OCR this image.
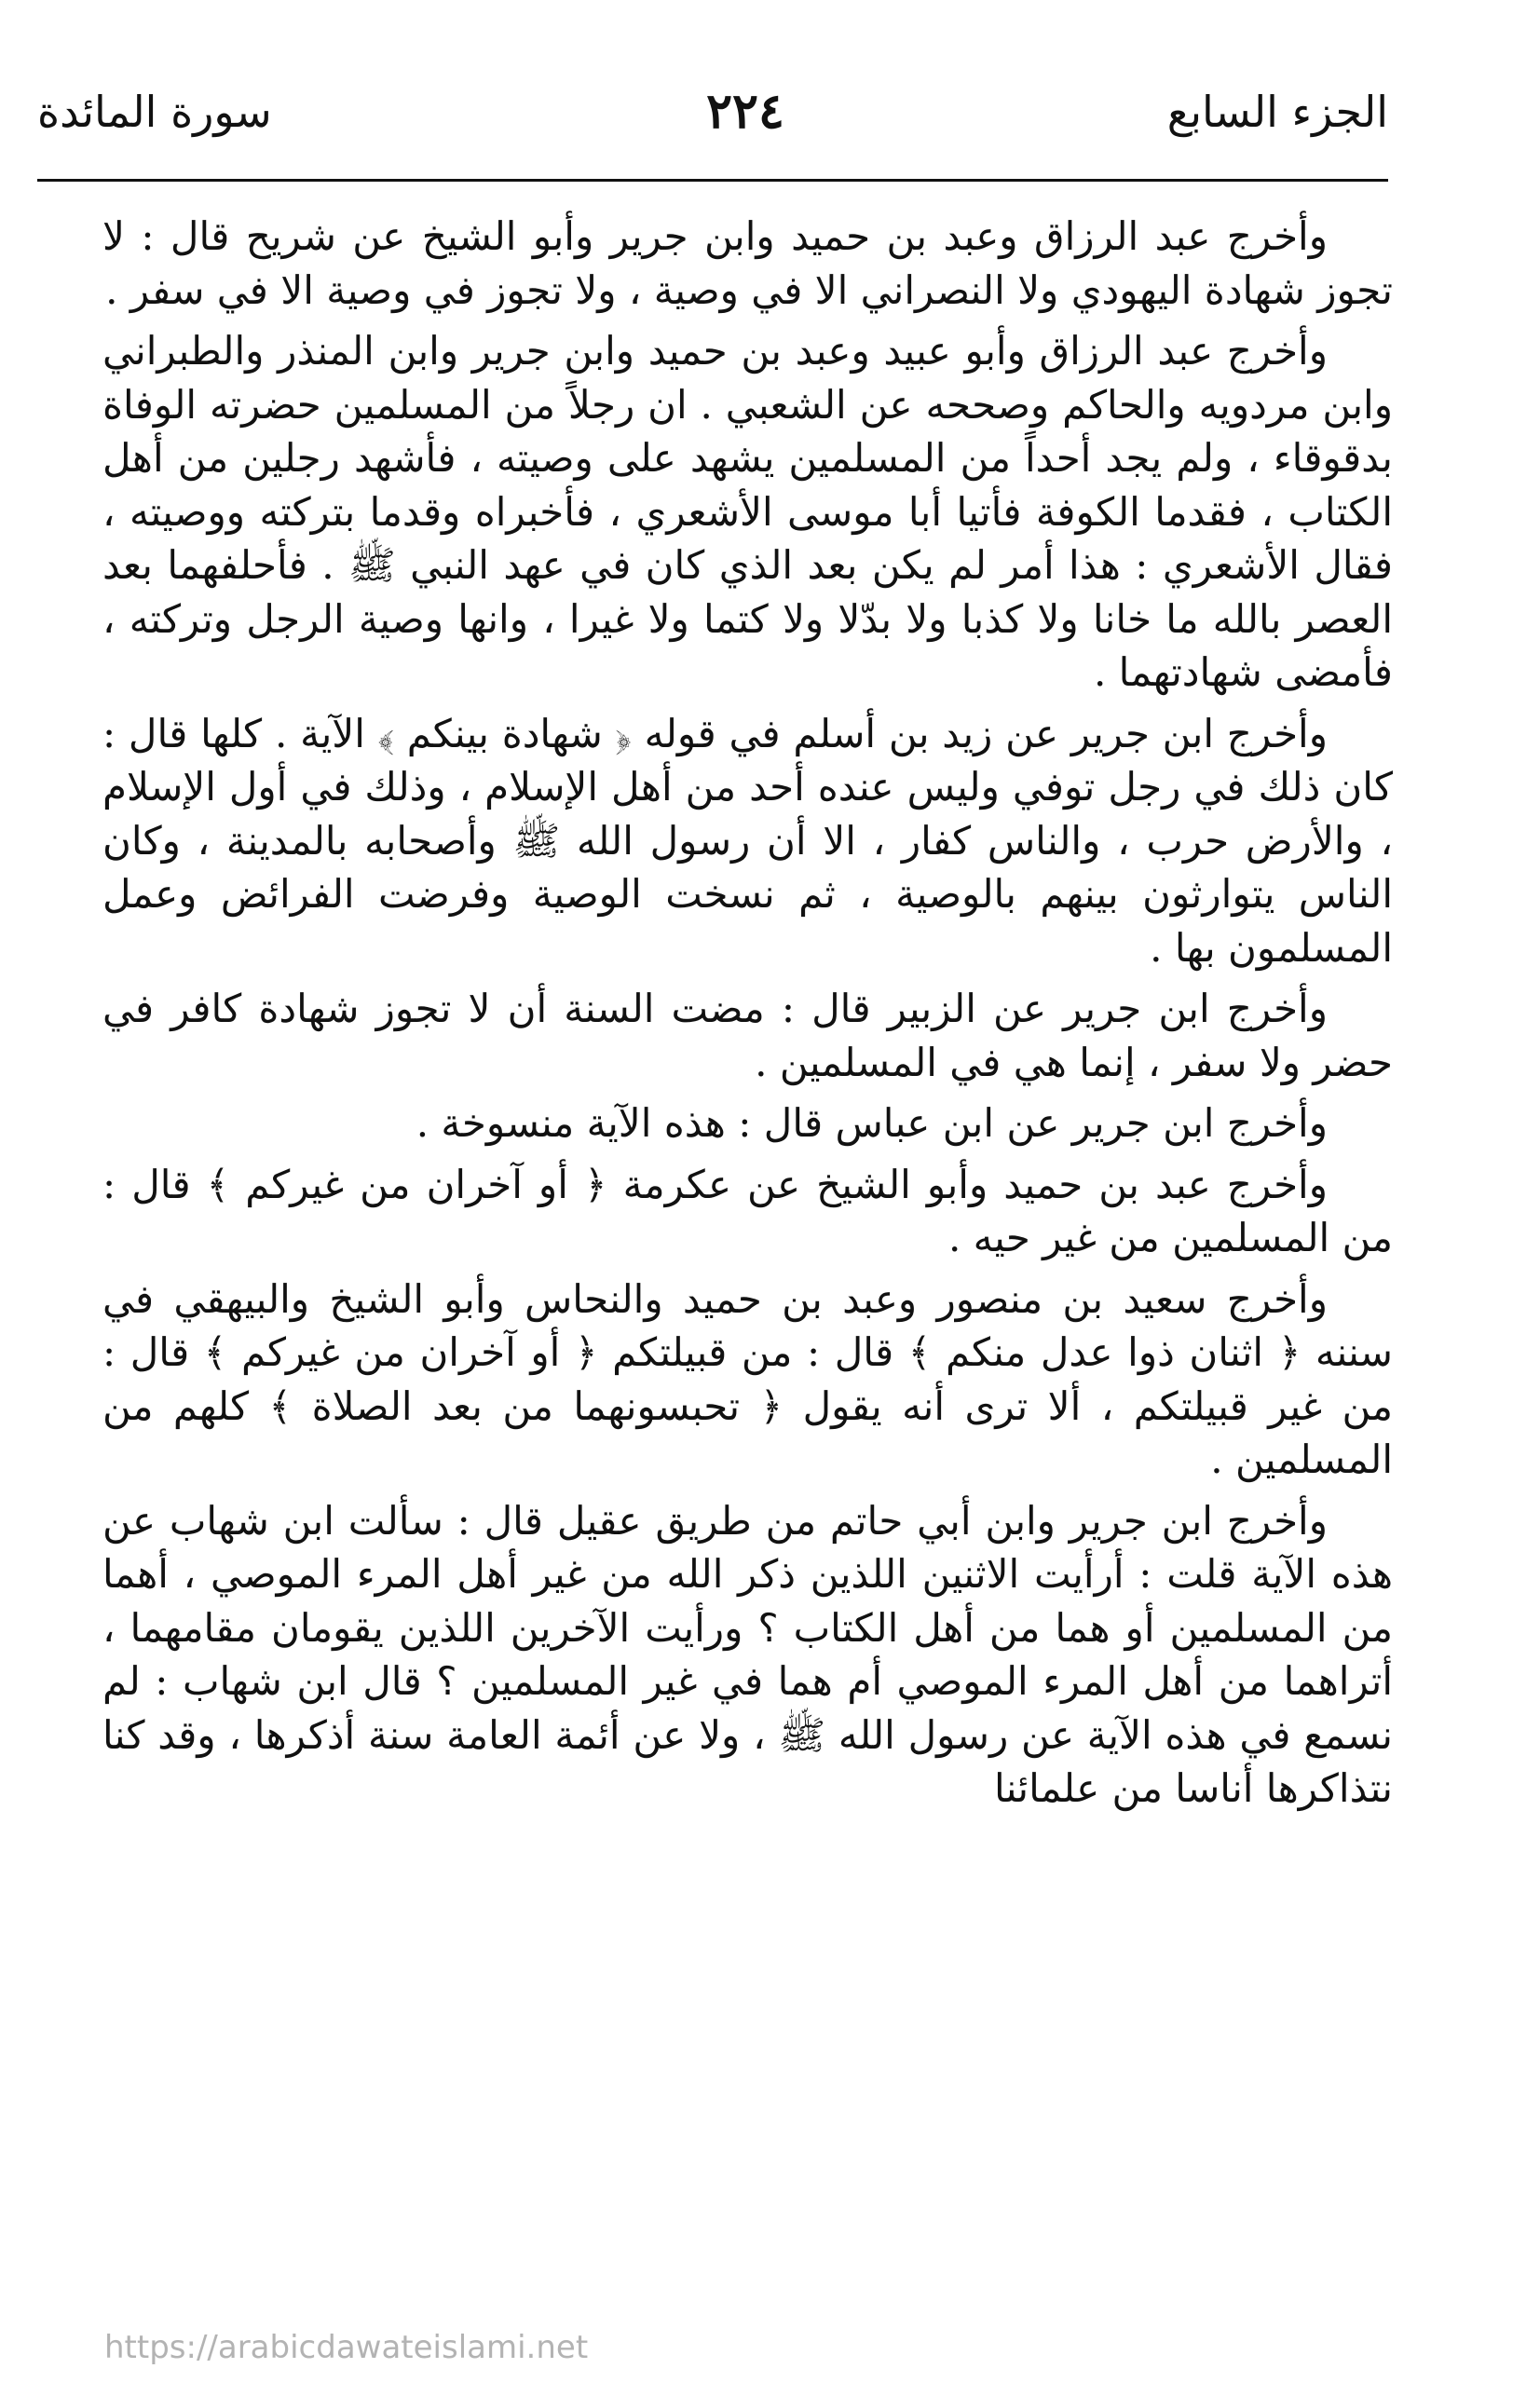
الجزء السابع
٢٢٤
سورة المائدة

وأخرج عبد الرزاق وعبد بن حميد وابن جرير وأبو الشيخ عن شريح قال : لا تجوز شهادة اليهودي ولا النصراني الا في وصية ، ولا تجوز في وصية الا في سفر .

وأخرج عبد الرزاق وأبو عبيد وعبد بن حميد وابن جرير وابن المنذر والطبراني وابن مردويه والحاكم وصححه عن الشعبي . ان رجلاً من المسلمين حضرته الوفاة بدقوقاء ، ولم يجد أحداً من المسلمين يشهد على وصيته ، فأشهد رجلين من أهل الكتاب ، فقدما الكوفة فأتيا أبا موسى الأشعري ، فأخبراه وقدما بتركته ووصيته ، فقال الأشعري : هذا أمر لم يكن بعد الذي كان في عهد النبي ﷺ . فأحلفهما بعد العصر بالله ما خانا ولا كذبا ولا بدّلا ولا كتما ولا غيرا ، وانها وصية الرجل وتركته ، فأمضى شهادتهما .

وأخرج ابن جرير عن زيد بن أسلم في قوله ﴿ شهادة بينكم ﴾ الآية . كلها قال : كان ذلك في رجل توفي وليس عنده أحد من أهل الإسلام ، وذلك في أول الإسلام ، والأرض حرب ، والناس كفار ، الا أن رسول الله ﷺ وأصحابه بالمدينة ، وكان الناس يتوارثون بينهم بالوصية ، ثم نسخت الوصية وفرضت الفرائض وعمل المسلمون بها .

وأخرج ابن جرير عن الزبير قال : مضت السنة أن لا تجوز شهادة كافر في حضر ولا سفر ، إنما هي في المسلمين .

وأخرج ابن جرير عن ابن عباس قال : هذه الآية منسوخة .

وأخرج عبد بن حميد وأبو الشيخ عن عكرمة ﴿ أو آخران من غيركم ﴾ قال : من المسلمين من غير حيه .

وأخرج سعيد بن منصور وعبد بن حميد والنحاس وأبو الشيخ والبيهقي في سننه ﴿ اثنان ذوا عدل منكم ﴾ قال : من قبيلتكم ﴿ أو آخران من غيركم ﴾ قال : من غير قبيلتكم ، ألا ترى أنه يقول ﴿ تحبسونهما من بعد الصلاة ﴾ كلهم من المسلمين .

وأخرج ابن جرير وابن أبي حاتم من طريق عقيل قال : سألت ابن شهاب عن هذه الآية قلت : أرأيت الاثنين اللذين ذكر الله من غير أهل المرء الموصي ، أهما من المسلمين أو هما من أهل الكتاب ؟ ورأيت الآخرين اللذين يقومان مقامهما ، أتراهما من أهل المرء الموصي أم هما في غير المسلمين ؟ قال ابن شهاب : لم نسمع في هذه الآية عن رسول الله ﷺ ، ولا عن أئمة العامة سنة أذكرها ، وقد كنا نتذاكرها أناسا من علمائنا

https://arabicdawateislami.net
